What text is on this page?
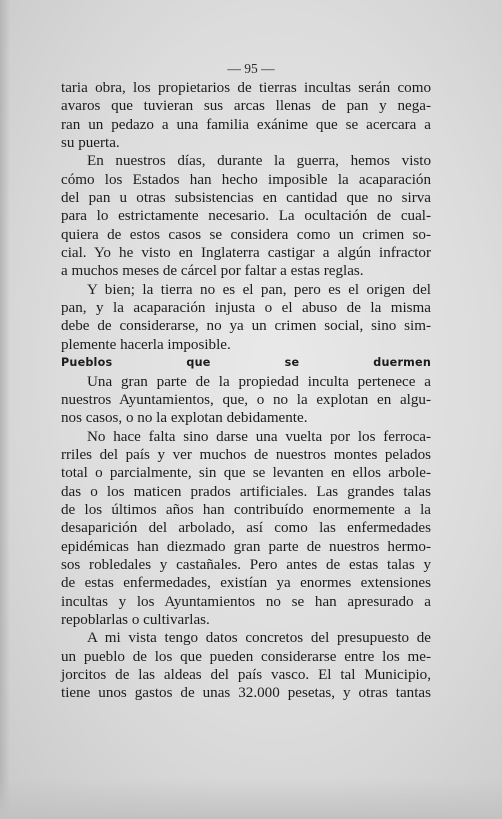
— 95 —

taria obra, los propietarios de tierras incultas serán como

avaros que tuvieran sus arcas llenas de pan y nega-

ran un pedazo a una familia exánime que se acercara a

su puerta.

En nuestros días, durante la guerra, hemos visto

cómo los Estados han hecho imposible la acaparación

del pan u otras subsistencias en cantidad que no sirva

para lo estrictamente necesario. La ocultación de cual-

quiera de estos casos se considera como un crimen so-

cial. Yo he visto en Inglaterra castigar a algún infractor

a muchos meses de cárcel por faltar a estas reglas.

Y bien; la tierra no es el pan, pero es el origen del

pan, y la acaparación injusta o el abuso de la misma

debe de considerarse, no ya un crimen social, sino sim-

plemente hacerla imposible.

Pueblos que se duermen

Una gran parte de la propiedad inculta pertenece a

nuestros Ayuntamientos, que, o no la explotan en algu-

nos casos, o no la explotan debidamente.

No hace falta sino darse una vuelta por los ferroca-

rriles del país y ver muchos de nuestros montes pelados

total o parcialmente, sin que se levanten en ellos arbole-

das o los maticen prados artificiales. Las grandes talas

de los últimos años han contribuído enormemente a la

desaparición del arbolado, así como las enfermedades

epidémicas han diezmado gran parte de nuestros hermo-

sos robledales y castañales. Pero antes de estas talas y

de estas enfermedades, existían ya enormes extensiones

incultas y los Ayuntamientos no se han apresurado a

repoblarlas o cultivarlas.

A mi vista tengo datos concretos del presupuesto de

un pueblo de los que pueden considerarse entre los me-

jorcitos de las aldeas del país vasco. El tal Municipio,

tiene unos gastos de unas 32.000 pesetas, y otras tantas
